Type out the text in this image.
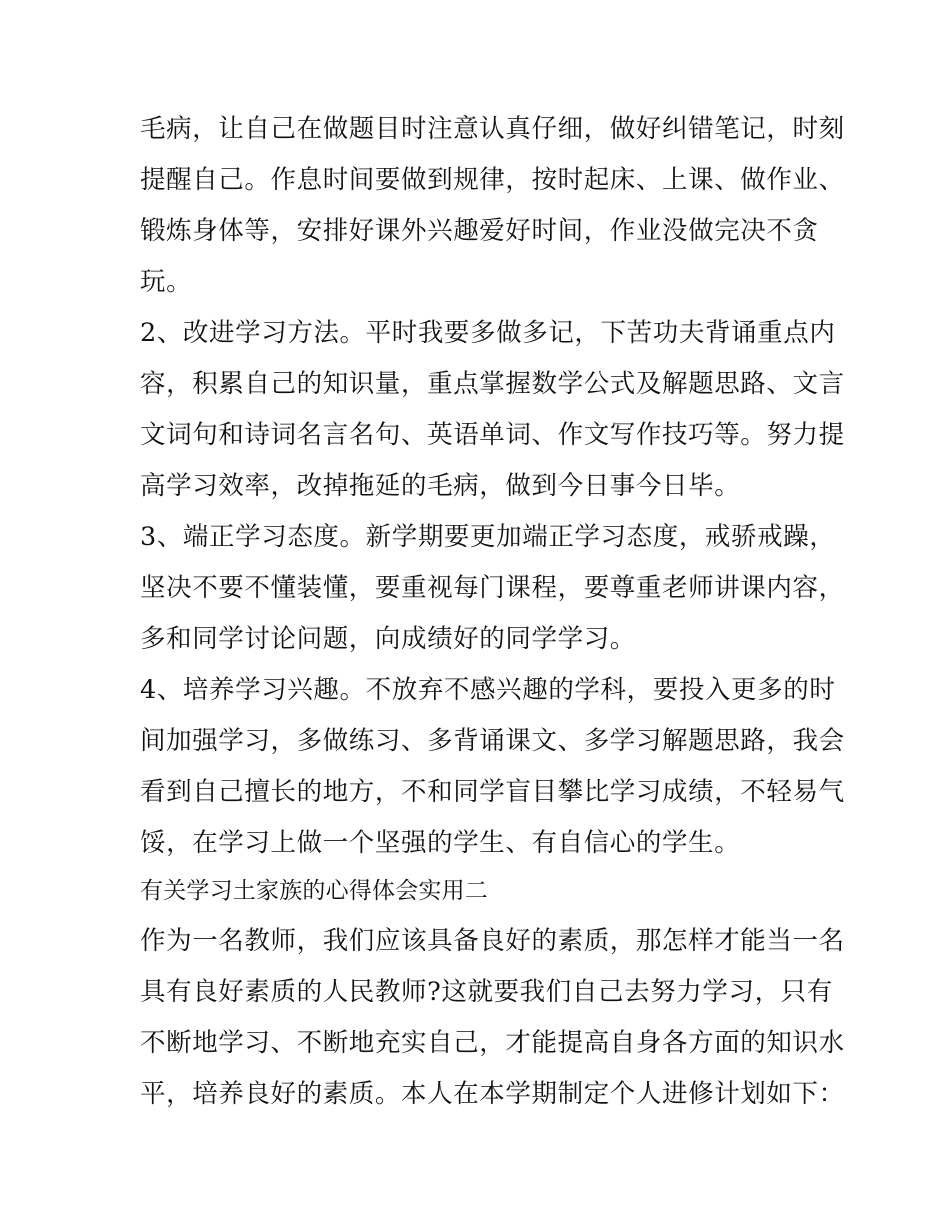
毛病，让自己在做题目时注意认真仔细，做好纠错笔记，时刻
提醒自己。作息时间要做到规律，按时起床、上课、做作业、
锻炼身体等，安排好课外兴趣爱好时间，作业没做完决不贪
玩。
2、改进学习方法。平时我要多做多记，下苦功夫背诵重点内
容，积累自己的知识量，重点掌握数学公式及解题思路、文言
文词句和诗词名言名句、英语单词、作文写作技巧等。努力提
高学习效率，改掉拖延的毛病，做到今日事今日毕。
3、端正学习态度。新学期要更加端正学习态度，戒骄戒躁，
坚决不要不懂装懂，要重视每门课程，要尊重老师讲课内容，
多和同学讨论问题，向成绩好的同学学习。
4、培养学习兴趣。不放弃不感兴趣的学科，要投入更多的时
间加强学习，多做练习、多背诵课文、多学习解题思路，我会
看到自己擅长的地方，不和同学盲目攀比学习成绩，不轻易气
馁，在学习上做一个坚强的学生、有自信心的学生。
有关学习土家族的心得体会实用二
作为一名教师，我们应该具备良好的素质，那怎样才能当一名
具有良好素质的人民教师?这就要我们自己去努力学习，只有
不断地学习、不断地充实自己，才能提高自身各方面的知识水
平，培养良好的素质。本人在本学期制定个人进修计划如下：
